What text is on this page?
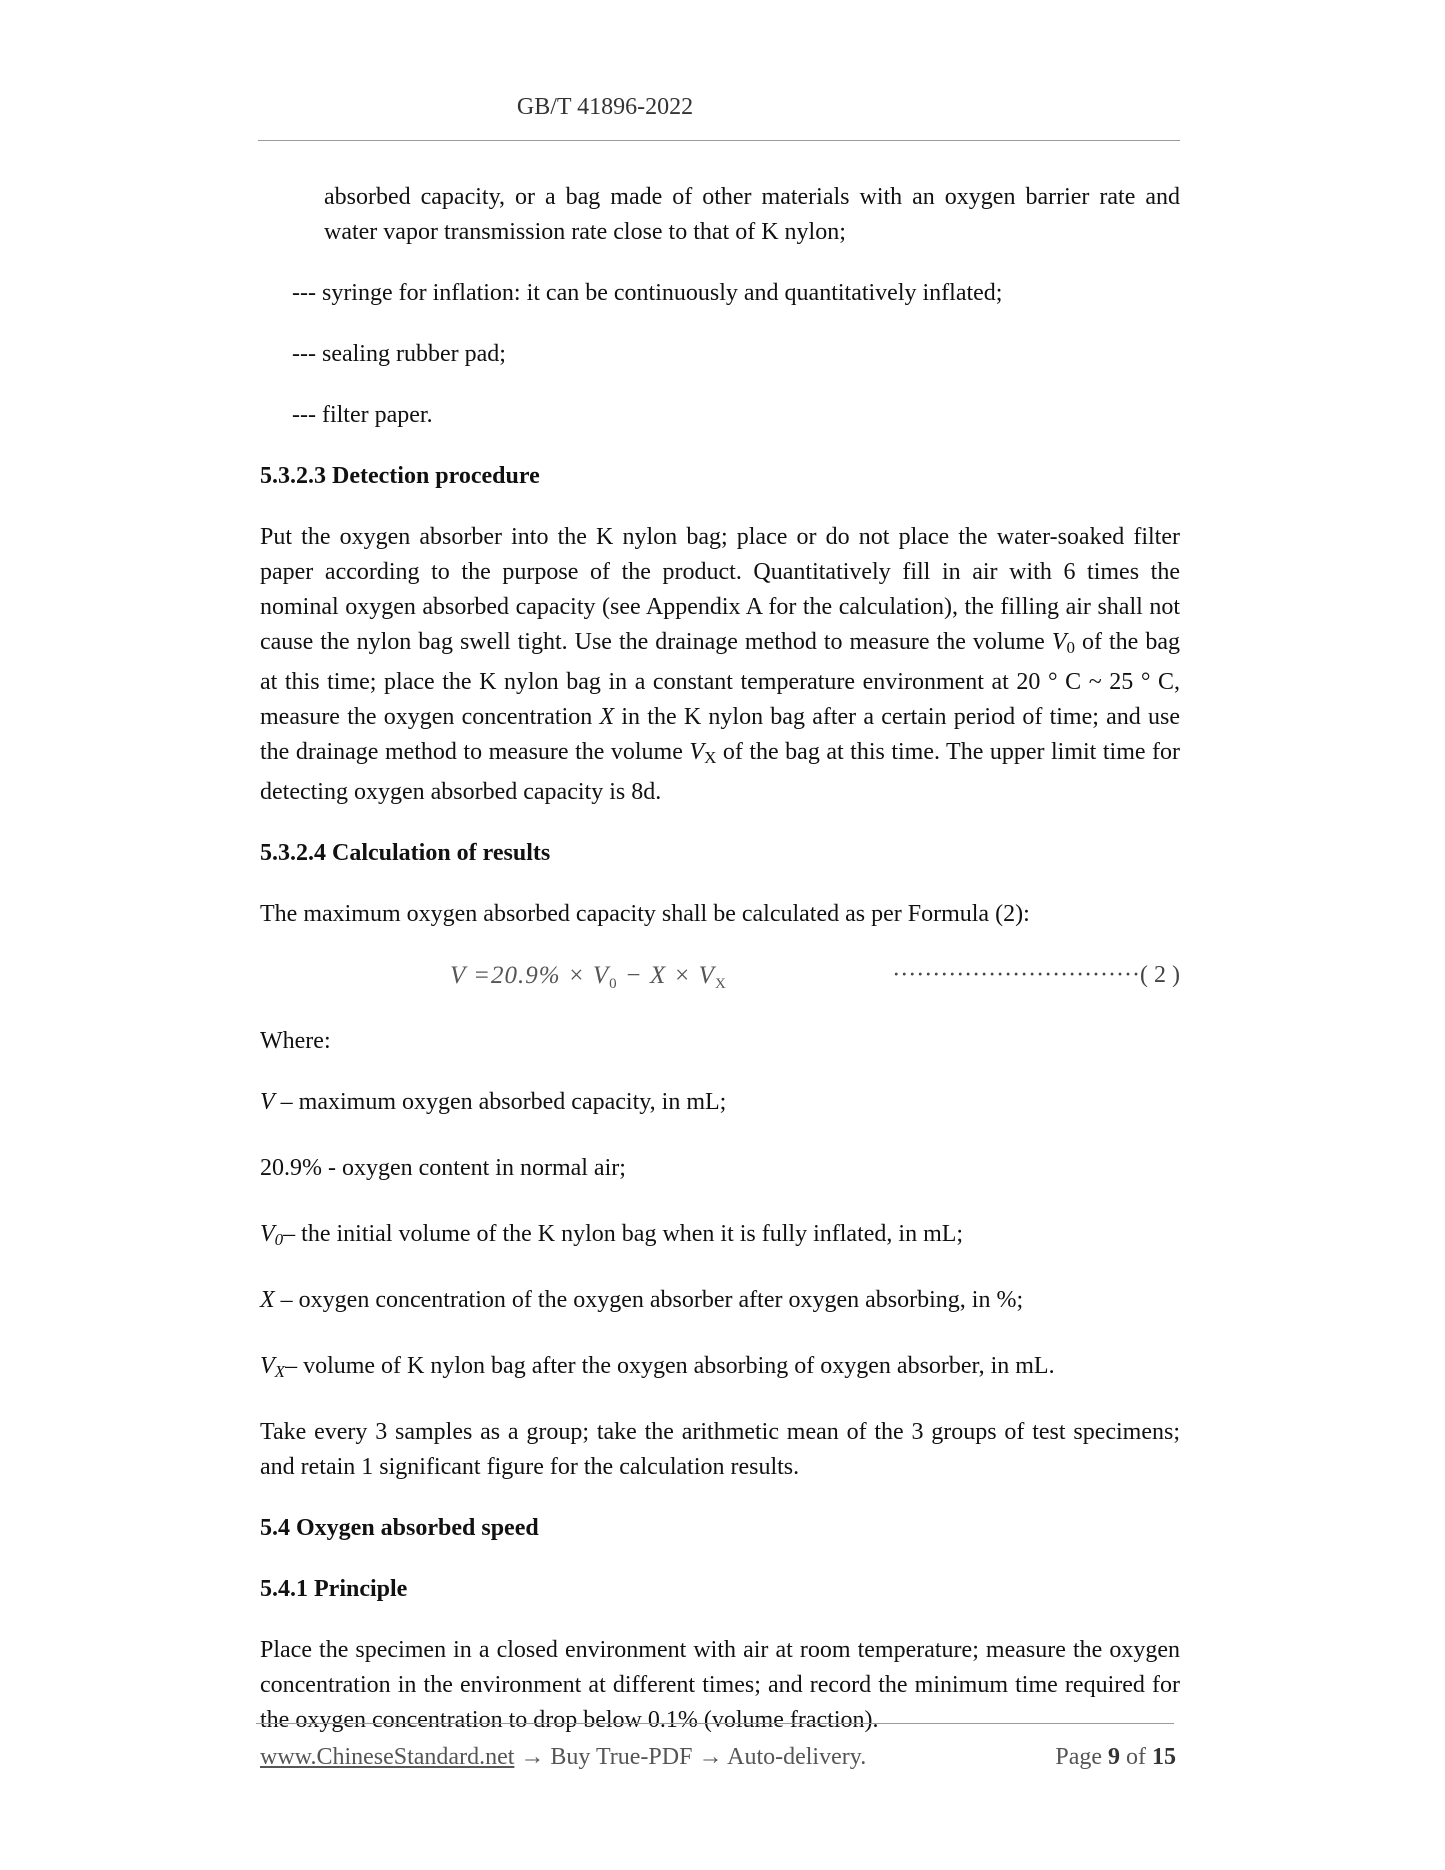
GB/T 41896-2022

absorbed capacity, or a bag made of other materials with an oxygen barrier rate and water vapor transmission rate close to that of K nylon;

--- syringe for inflation: it can be continuously and quantitatively inflated;

--- sealing rubber pad;

--- filter paper.

5.3.2.3 Detection procedure

Put the oxygen absorber into the K nylon bag; place or do not place the water-soaked filter paper according to the purpose of the product. Quantitatively fill in air with 6 times the nominal oxygen absorbed capacity (see Appendix A for the calculation), the filling air shall not cause the nylon bag swell tight. Use the drainage method to measure the volume V0 of the bag at this time; place the K nylon bag in a constant temperature environment at 20 ° C ~ 25 ° C, measure the oxygen concentration X in the K nylon bag after a certain period of time; and use the drainage method to measure the volume VX of the bag at this time. The upper limit time for detecting oxygen absorbed capacity is 8d.

5.3.2.4 Calculation of results

The maximum oxygen absorbed capacity shall be calculated as per Formula (2):

$V =20.9\% \times V_0 - X \times V_X$	·······························( 2 )

Where:

V – maximum oxygen absorbed capacity, in mL;

20.9% - oxygen content in normal air;

V0– the initial volume of the K nylon bag when it is fully inflated, in mL;

X – oxygen concentration of the oxygen absorber after oxygen absorbing, in %;

VX– volume of K nylon bag after the oxygen absorbing of oxygen absorber, in mL.

Take every 3 samples as a group; take the arithmetic mean of the 3 groups of test specimens; and retain 1 significant figure for the calculation results.

5.4 Oxygen absorbed speed

5.4.1 Principle

Place the specimen in a closed environment with air at room temperature; measure the oxygen concentration in the environment at different times; and record the minimum time required for the oxygen concentration to drop below 0.1% (volume fraction).

www.ChineseStandard.net → Buy True-PDF → Auto-delivery.	Page 9 of 15
